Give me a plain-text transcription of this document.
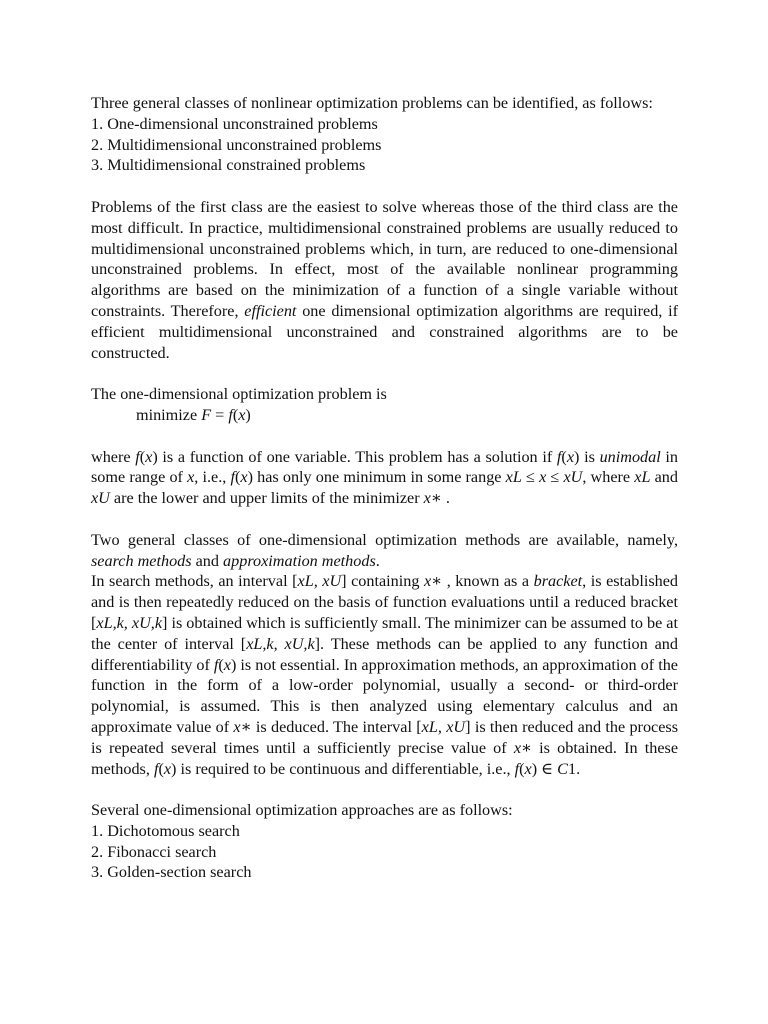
Three general classes of nonlinear optimization problems can be identified, as follows:

1. One-dimensional unconstrained problems

2. Multidimensional unconstrained problems

3. Multidimensional constrained problems

Problems of the first class are the easiest to solve whereas those of the third class are the most difficult. In practice, multidimensional constrained problems are usually reduced to multidimensional unconstrained problems which, in turn, are reduced to one-dimensional unconstrained problems. In effect, most of the available nonlinear programming algorithms are based on the minimization of a function of a single variable without constraints. Therefore, efficient one dimensional optimization algorithms are required, if efficient multidimensional unconstrained and constrained algorithms are to be constructed.

The one-dimensional optimization problem is

minimize F = f(x)

where f(x) is a function of one variable. This problem has a solution if f(x) is unimodal in some range of x, i.e., f(x) has only one minimum in some range xL ≤ x ≤ xU, where xL and xU are the lower and upper limits of the minimizer x∗ .

Two general classes of one-dimensional optimization methods are available, namely, search methods and approximation methods.

In search methods, an interval [xL, xU] containing x∗ , known as a bracket, is established and is then repeatedly reduced on the basis of function evaluations until a reduced bracket [xL,k, xU,k] is obtained which is sufficiently small. The minimizer can be assumed to be at the center of interval [xL,k, xU,k]. These methods can be applied to any function and differentiability of f(x) is not essential. In approximation methods, an approximation of the function in the form of a low-order polynomial, usually a second- or third-order polynomial, is assumed. This is then analyzed using elementary calculus and an approximate value of x∗ is deduced. The interval [xL, xU] is then reduced and the process is repeated several times until a sufficiently precise value of x∗ is obtained. In these methods, f(x) is required to be continuous and differentiable, i.e., f(x) ∈ C1.

Several one-dimensional optimization approaches are as follows:

1. Dichotomous search

2. Fibonacci search

3. Golden-section search
